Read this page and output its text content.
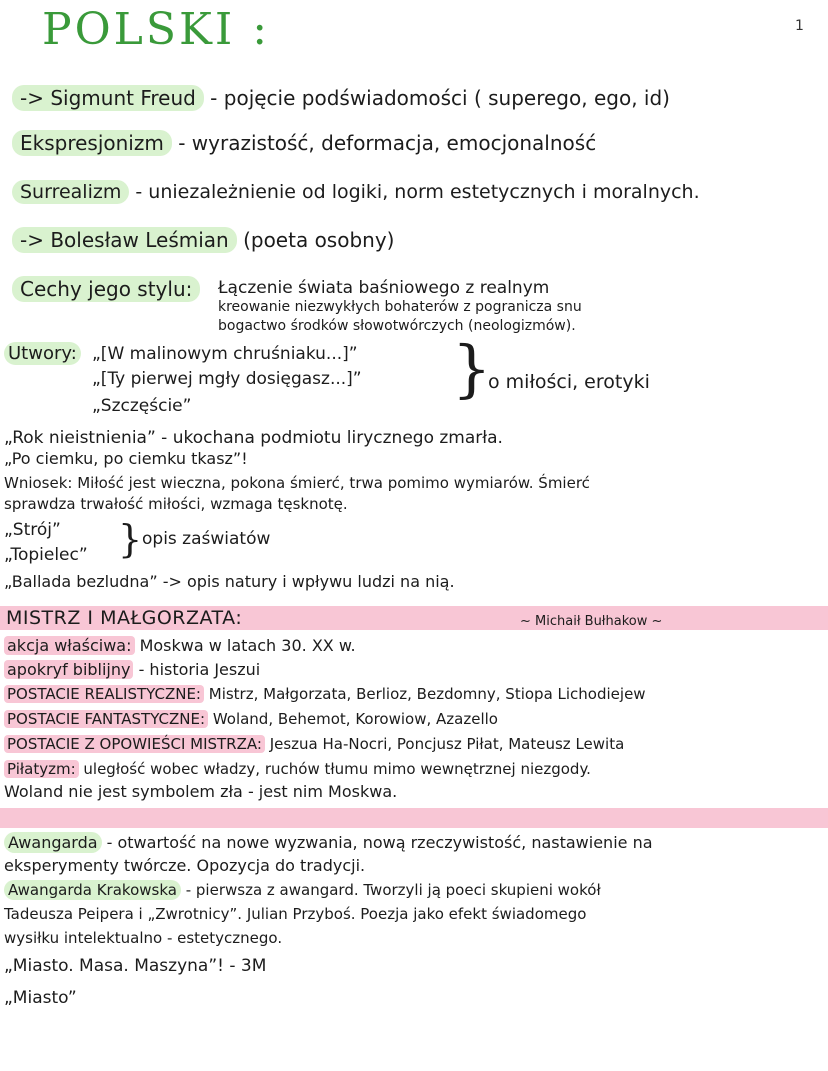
POLSKI :	1
-> Sigmunt Freud - pojęcie podświadomości ( superego, ego, id)
Ekspresjonizm - wyrazistość, deformacja, emocjonalność
Surrealizm - uniezależnienie od logiki, norm estetycznych i moralnych.
-> Bolesław Leśmian (poeta osobny)
Cechy jego stylu:	Łączenie świata baśniowego z realnym
kreowanie niezwykłych bohaterów z pogranicza snu
bogactwo środków słowotwórczych (neologizmów).
Utwory: „[W malinowym chruśniaku...]”
„[Ty pierwej mgły dosięgasz...]”
„Szczęście”
}
o miłości, erotyki
„Rok nieistnienia” - ukochana podmiotu lirycznego zmarła.
„Po ciemku, po ciemku tkasz”!
Wniosek: Miłość jest wieczna, pokona śmierć, trwa pomimo wymiarów. Śmierć
sprawdza trwałość miłości, wzmaga tęsknotę.
„Strój”
„Topielec” } opis zaświatów
„Ballada bezludna” -> opis natury i wpływu ludzi na nią.
MISTRZ I MAŁGORZATA:	~ Michaił Bułhakow ~
akcja właściwa: Moskwa w latach 30. XX w.
apokryf biblijny - historia Jeszui
POSTACIE REALISTYCZNE: Mistrz, Małgorzata, Berlioz, Bezdomny, Stiopa Lichodiejew
POSTACIE FANTASTYCZNE: Woland, Behemot, Korowiow, Azazello
POSTACIE Z OPOWIEŚCI MISTRZA: Jeszua Ha-Nocri, Poncjusz Piłat, Mateusz Lewita
Piłatyzm: uległość wobec władzy, ruchów tłumu mimo wewnętrznej niezgody.
Woland nie jest symbolem zła - jest nim Moskwa.
Awangarda - otwartość na nowe wyzwania, nową rzeczywistość, nastawienie na
eksperymenty twórcze. Opozycja do tradycji.
Awangarda Krakowska - pierwsza z awangard. Tworzyli ją poeci skupieni wokół
Tadeusza Peipera i „Zwrotnicy”. Julian Przyboś. Poezja jako efekt świadomego
wysiłku intelektualno - estetycznego.
„Miasto. Masa. Maszyna”! - 3M
„Miasto”
